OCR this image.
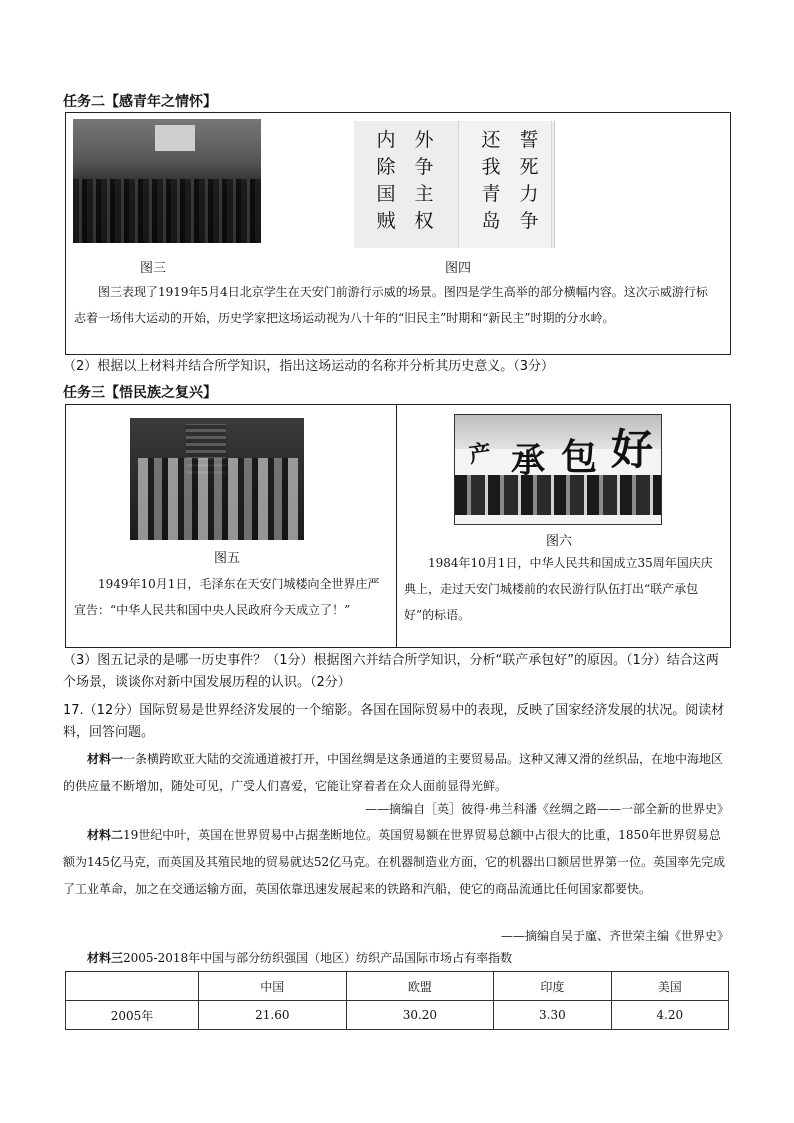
任务二【感青年之情怀】
图三
外
争
主
权
内
除
国
贼
誓
死
力
争
还
我
青
岛
图四
图三表现了1919年5月4日北京学生在天安门前游行示威的场景。图四是学生高举的部分横幅内容。这次示威游行标志着一场伟大运动的开始，历史学家把这场运动视为八十年的“旧民主”时期和“新民主”时期的分水岭。
（2）根据以上材料并结合所学知识，指出这场运动的名称并分析其历史意义。（3分）
任务三【悟民族之复兴】
图五
1949年10月1日，毛泽东在天安门城楼向全世界庄严宣告：“中华人民共和国中央人民政府今天成立了！”
产 承 包 好
图六
1984年10月1日，中华人民共和国成立35周年国庆庆典上，走过天安门城楼前的农民游行队伍打出“联产承包好”的标语。
（3）图五记录的是哪一历史事件？（1分）根据图六并结合所学知识，分析“联产承包好”的原因。（1分）结合这两个场景，谈谈你对新中国发展历程的认识。（2分）
17.（12分）国际贸易是世界经济发展的一个缩影。各国在国际贸易中的表现，反映了国家经济发展的状况。阅读材料，回答问题。
材料一一条横跨欧亚大陆的交流通道被打开，中国丝绸是这条通道的主要贸易品。这种又薄又滑的丝织品，在地中海地区的供应量不断增加，随处可见，广受人们喜爱，它能让穿着者在众人面前显得光鲜。
——摘编自［英］彼得·弗兰科潘《丝绸之路——一部全新的世界史》
材料二19世纪中叶，英国在世界贸易中占据垄断地位。英国贸易额在世界贸易总额中占很大的比重，1850年世界贸易总额为145亿马克，而英国及其殖民地的贸易就达52亿马克。在机器制造业方面，它的机器出口额居世界第一位。英国率先完成了工业革命，加之在交通运输方面，英国依靠迅速发展起来的铁路和汽船，使它的商品流通比任何国家都要快。
——摘编自吴于廑、齐世荣主编《世界史》
材料三2005-2018年中国与部分纺织强国（地区）纺织产品国际市场占有率指数
	中国	欧盟	印度	美国
2005年	21.60	30.20	3.30	4.20
